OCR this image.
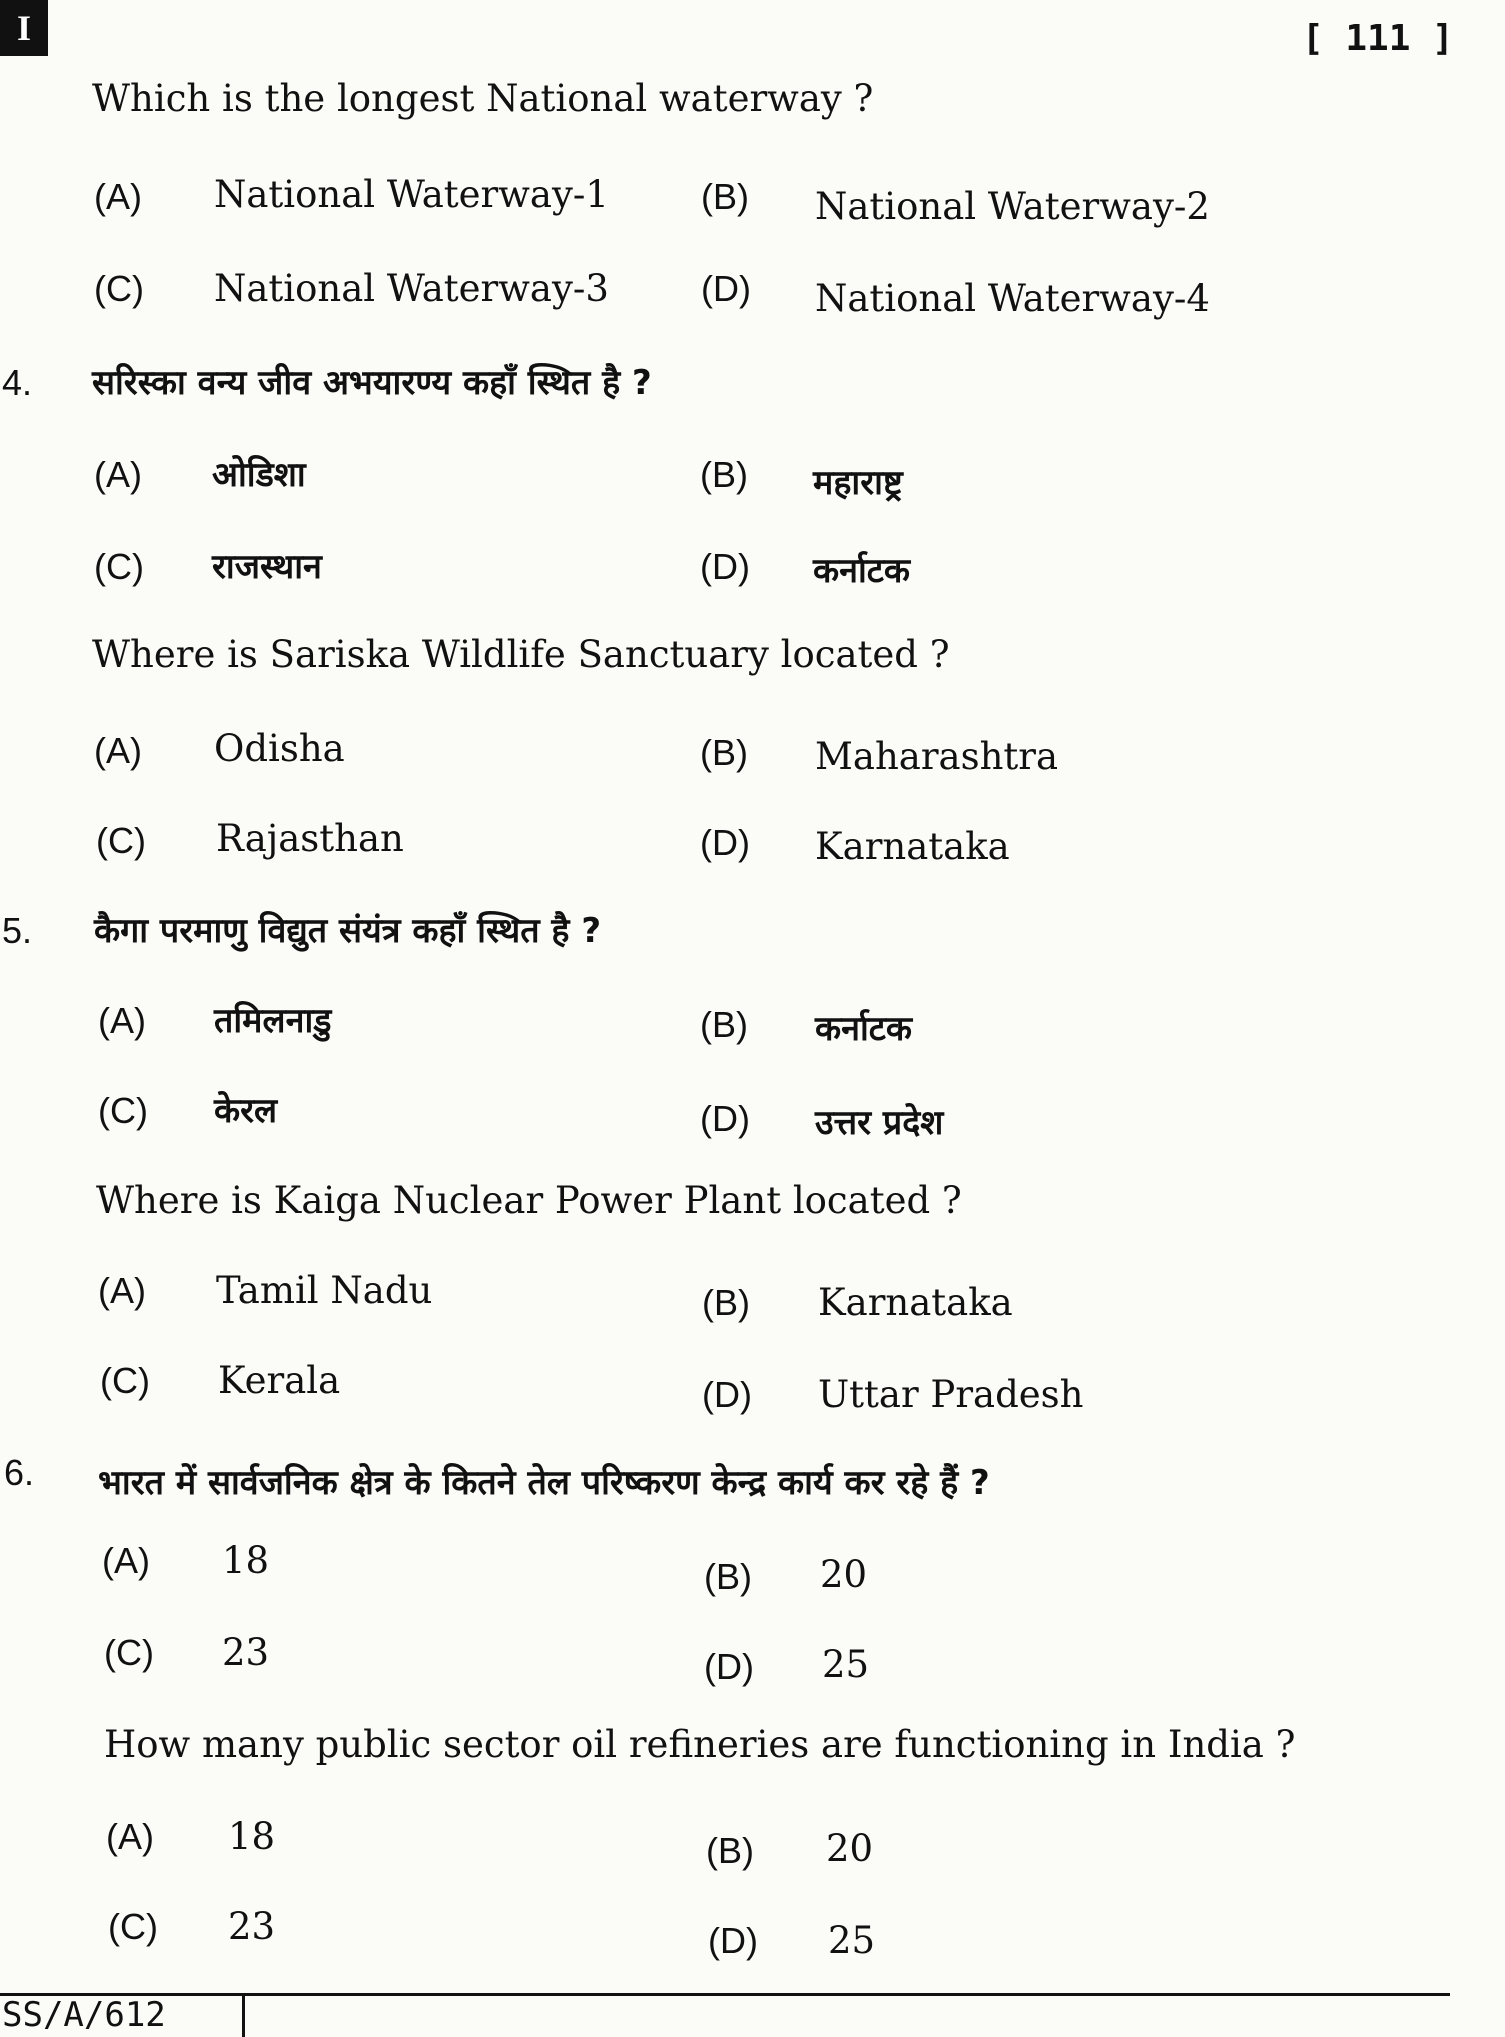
I	[ 111 ]
Which is the longest National waterway ?
(A) National Waterway-1	(B) National Waterway-2
(C) National Waterway-3	(D) National Waterway-4
4. सरिस्का वन्य जीव अभयारण्य कहाँ स्थित है ?
(A) ओडिशा	(B) महाराष्ट्र
(C) राजस्थान	(D) कर्नाटक
Where is Sariska Wildlife Sanctuary located ?
(A) Odisha	(B) Maharashtra
(C) Rajasthan	(D) Karnataka
5. कैगा परमाणु विद्युत संयंत्र कहाँ स्थित है ?
(A) तमिलनाडु	(B) कर्नाटक
(C) केरल	(D) उत्तर प्रदेश
Where is Kaiga Nuclear Power Plant located ?
(A) Tamil Nadu	(B) Karnataka
(C) Kerala	(D) Uttar Pradesh
6. भारत में सार्वजनिक क्षेत्र के कितने तेल परिष्करण केन्द्र कार्य कर रहे हैं ?
(A) 18	(B) 20
(C) 23	(D) 25
How many public sector oil refineries are functioning in India ?
(A) 18	(B) 20
(C) 23	(D) 25
SS/A/612
